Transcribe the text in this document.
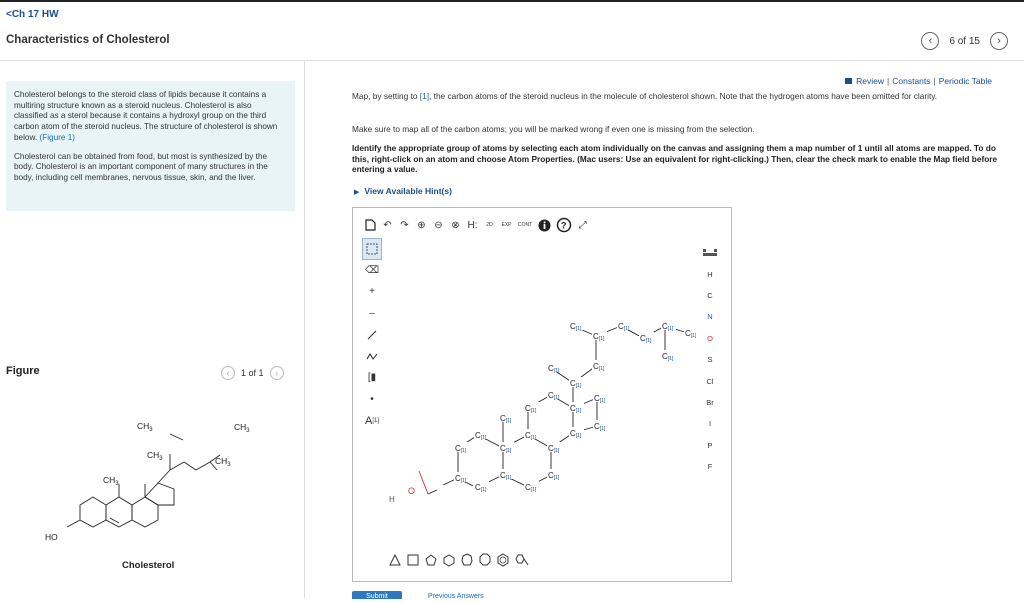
<Ch 17 HW
Characteristics of Cholesterol	‹	6 of 15	›

Cholesterol belongs to the steroid class of lipids because it contains a multiring structure known as a steroid nucleus. Cholesterol is also classified as a sterol because it contains a hydroxyl group on the third carbon atom of the steroid nucleus. The structure of cholesterol is shown below. (Figure 1)

Cholesterol can be obtained from food, but most is synthesized by the body. Cholesterol is an important component of many structures in the body, including cell membranes, nervous tissue, skin, and the liver.

Figure	‹	1 of 1	›
HO
$CH_3$
$CH_3$
$CH_3$	$CH_3$
$CH_3$
Cholesterol
Review | Constants | Periodic Table
Map, by setting to [1], the carbon atoms of the steroid nucleus in the molecule of cholesterol shown. Note that the hydrogen atoms have been omitted for clarity.
Make sure to map all of the carbon atoms; you will be marked wrong if even one is missing from the selection.
Identify the appropriate group of atoms by selecting each atom individually on the canvas and assigning them a map number of 1 until all atoms are mapped. To do this, right-click on an atom and choose Atom Properties. (Mac users: Use an equivalent for right-clicking.) Then, clear the check mark to enable the Map field before entering a value.
▶ View Available Hint(s)
↶ ↷ ⊕ ⊖ ⊗ H:	2D	EXP CONT	? ⤢
⌫
+
–
[▮
•
A [1]
H
O
C[1]
C[1]
C[1]
C[1]
C[1]
C[1]
C[1]
C[1]
C[1]
C[1]
C[1]
C[1]
C[1]
C[1]
C[1]
C[1]
C[1]
C[1]
C[1]	C[1]
C[1]
C[1]	C[1]
C[1]
C[1] C[1]
C[1]
H
C
N
O
S
Cl
Br
I
P
F
Submit	Previous Answers
